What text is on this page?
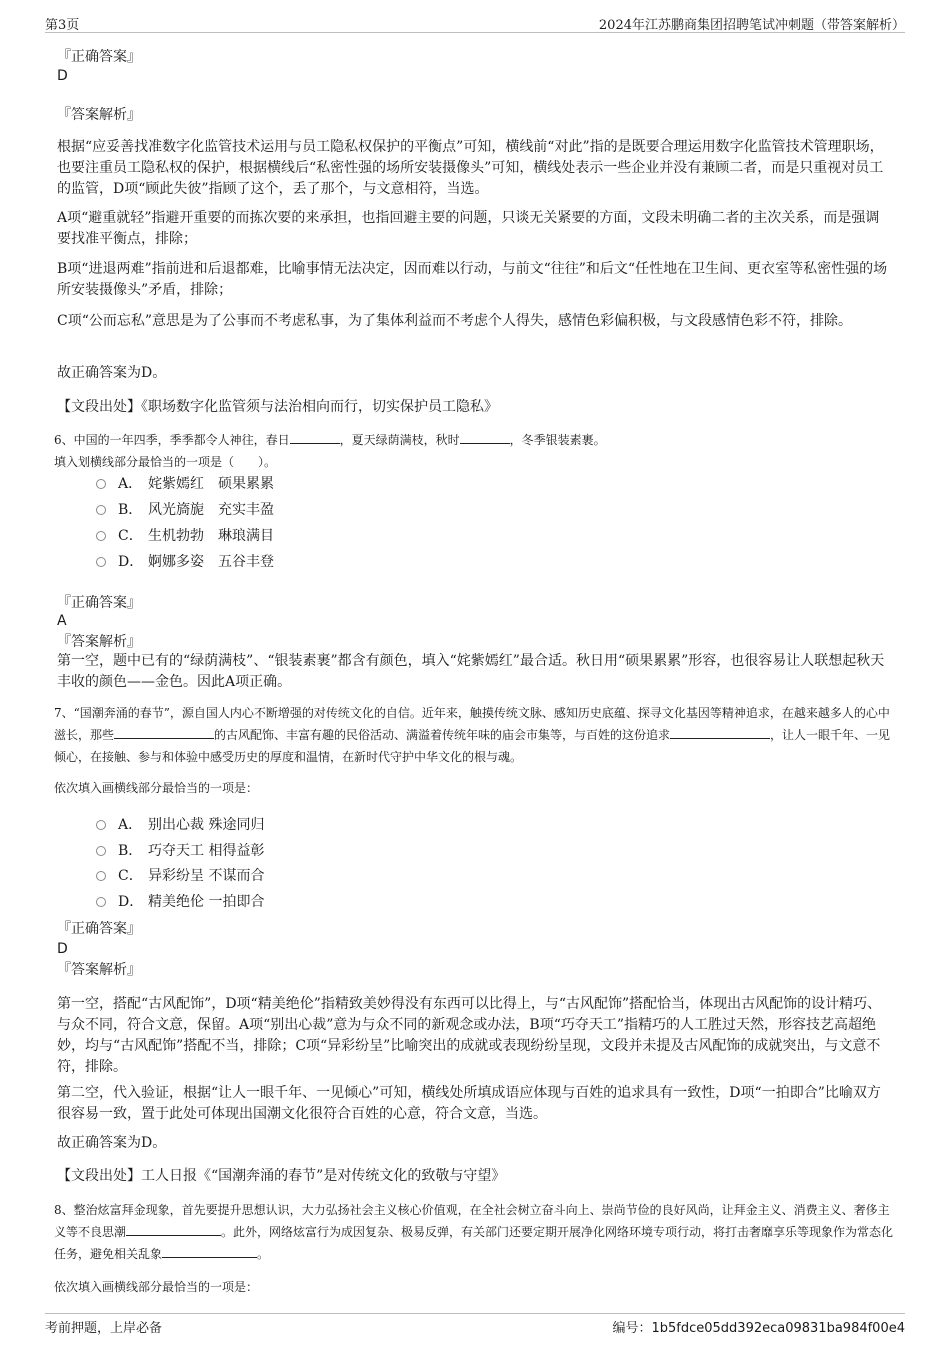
第3页	2024年江苏鹏商集团招聘笔试冲刺题（带答案解析）
『正确答案』
D
『答案解析』
根据“应妥善找准数字化监管技术运用与员工隐私权保护的平衡点”可知，横线前“对此”指的是既要合理运用数字化监管技术管理职场，也要注重员工隐私权的保护，根据横线后“私密性强的场所安装摄像头”可知，横线处表示一些企业并没有兼顾二者，而是只重视对员工的监管，D项“顾此失彼”指顾了这个，丢了那个，与文意相符，当选。
A项“避重就轻”指避开重要的而拣次要的来承担，也指回避主要的问题，只谈无关紧要的方面，文段未明确二者的主次关系，而是强调要找准平衡点，排除；
B项“进退两难”指前进和后退都难，比喻事情无法决定，因而难以行动，与前文“往往”和后文“任性地在卫生间、更衣室等私密性强的场所安装摄像头”矛盾，排除；
C项“公而忘私”意思是为了公事而不考虑私事，为了集体利益而不考虑个人得失，感情色彩偏积极，与文段感情色彩不符，排除。
故正确答案为D。
【文段出处】《职场数字化监管须与法治相向而行，切实保护员工隐私》
6、中国的一年四季，季季都令人神往，春日	，夏天绿荫满枝，秋时	，冬季银装素裹。
填入划横线部分最恰当的一项是（　　）。
A． 姹紫嫣红　硕果累累
B． 风光旖旎　充实丰盈
C． 生机勃勃　琳琅满目
D． 婀娜多姿　五谷丰登
『正确答案』
A
『答案解析』
第一空，题中已有的“绿荫满枝”、“银装素裹”都含有颜色，填入“姹紫嫣红”最合适。秋日用“硕果累累”形容，也很容易让人联想起秋天丰收的颜色——金色。因此A项正确。
7、“国潮奔涌的春节”，源自国人内心不断增强的对传统文化的自信。近年来，触摸传统文脉、感知历史底蕴、探寻文化基因等精神追求，在越来越多人的心中滋长，那些	的古风配饰、丰富有趣的民俗活动、满溢着传统年味的庙会市集等，与百姓的这份追求	，让人一眼千年、一见倾心，在接触、参与和体验中感受历史的厚度和温情，在新时代守护中华文化的根与魂。
依次填入画横线部分最恰当的一项是：
A． 别出心裁 殊途同归
B． 巧夺天工 相得益彰
C． 异彩纷呈 不谋而合
D． 精美绝伦 一拍即合
『正确答案』
D
『答案解析』
第一空，搭配“古风配饰”，D项“精美绝伦”指精致美妙得没有东西可以比得上，与“古风配饰”搭配恰当，体现出古风配饰的设计精巧、与众不同，符合文意，保留。A项“别出心裁”意为与众不同的新观念或办法，B项“巧夺天工”指精巧的人工胜过天然，形容技艺高超绝妙，均与“古风配饰”搭配不当，排除；C项“异彩纷呈”比喻突出的成就或表现纷纷呈现，文段并未提及古风配饰的成就突出，与文意不符，排除。
第二空，代入验证，根据“让人一眼千年、一见倾心”可知，横线处所填成语应体现与百姓的追求具有一致性，D项“一拍即合”比喻双方很容易一致，置于此处可体现出国潮文化很符合百姓的心意，符合文意，当选。
故正确答案为D。
【文段出处】工人日报《“国潮奔涌的春节”是对传统文化的致敬与守望》
8、整治炫富拜金现象，首先要提升思想认识，大力弘扬社会主义核心价值观，在全社会树立奋斗向上、崇尚节俭的良好风尚，让拜金主义、消费主义、奢侈主义等不良思潮	。此外，网络炫富行为成因复杂、极易反弹，有关部门还要定期开展净化网络环境专项行动，将打击奢靡享乐等现象作为常态化任务，避免相关乱象	。
依次填入画横线部分最恰当的一项是：
考前押题，上岸必备	编号：1b5fdce05dd392eca09831ba984f00e4
